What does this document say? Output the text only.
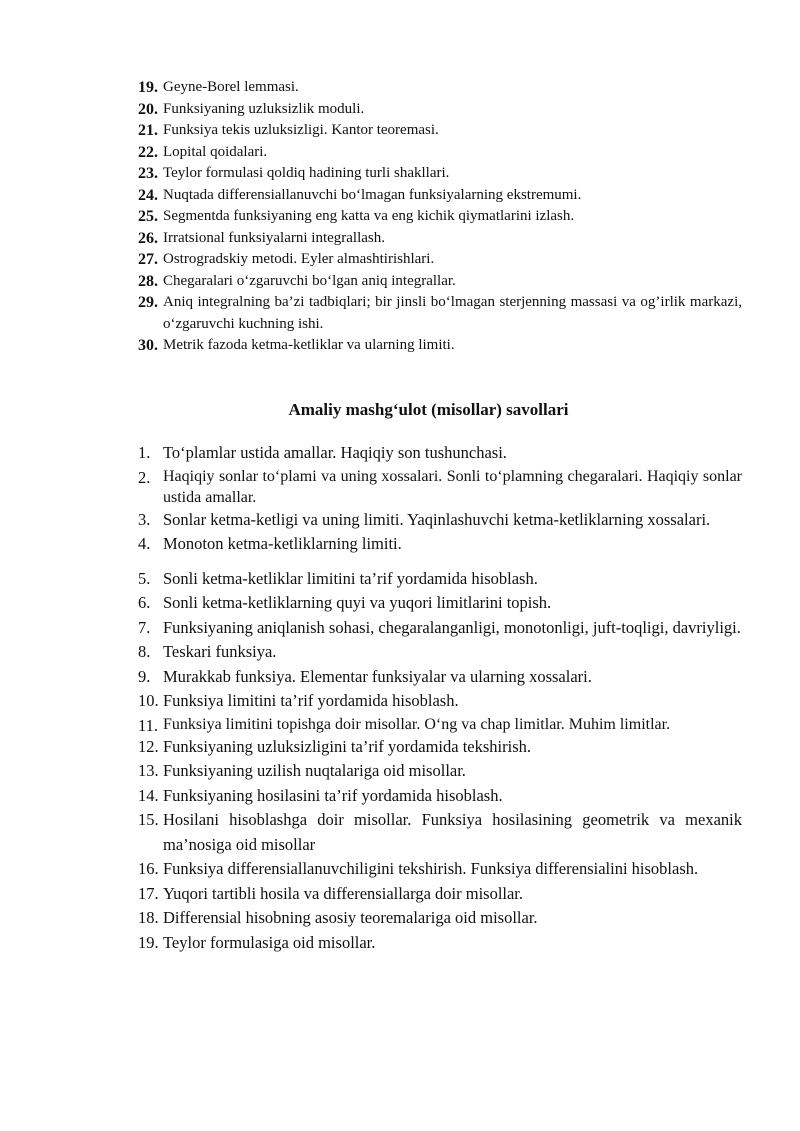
19. Geyne-Borel lemmasi.
20. Funksiyaning uzluksizlik moduli.
21. Funksiya tekis uzluksizligi. Kantor teoremasi.
22. Lopital qoidalari.
23. Teylor formulasi qoldiq hadining turli shakllari.
24. Nuqtada differensiallanuvchi bo‘lmagan funksiyalarning ekstremumi.
25. Segmentda funksiyaning eng katta va eng kichik qiymatlarini izlash.
26. Irratsional funksiyalarni integrallash.
27. Ostrogradskiy metodi. Eyler almashtirishlari.
28. Chegaralari o‘zgaruvchi bo‘lgan aniq integrallar.
29. Aniq integralning ba’zi tadbiqlari; bir jinsli bo‘lmagan sterjenning massasi va og’irlik markazi, o‘zgaruvchi kuchning ishi.
30. Metrik fazoda ketma-ketliklar va ularning limiti.
Amaliy mashg‘ulot (misollar) savollari
1. To‘plamlar ustida amallar. Haqiqiy son tushunchasi.
2. Haqiqiy sonlar to‘plami va uning xossalari. Sonli to‘plamning chegaralari. Haqiqiy sonlar ustida amallar.
3. Sonlar ketma-ketligi va uning limiti. Yaqinlashuvchi ketma-ketliklarning xossalari.
4. Monoton ketma-ketliklarning limiti.
5. Sonli ketma-ketliklar limitini ta’rif yordamida hisoblash.
6. Sonli ketma-ketliklarning quyi va yuqori limitlarini topish.
7. Funksiyaning aniqlanish sohasi, chegaralanganligi, monotonligi, juft-toqligi, davriyligi.
8. Teskari funksiya.
9. Murakkab funksiya. Elementar funksiyalar va ularning xossalari.
10. Funksiya limitini ta’rif yordamida hisoblash.
11. Funksiya limitini topishga doir misollar. O‘ng va chap limitlar. Muhim limitlar.
12. Funksiyaning uzluksizligini ta’rif yordamida tekshirish.
13. Funksiyaning uzilish nuqtalariga oid misollar.
14. Funksiyaning hosilasini ta’rif yordamida hisoblash.
15. Hosilani hisoblashga doir misollar. Funksiya hosilasining geometrik va mexanik ma’nosiga oid misollar
16. Funksiya differensiallanuvchiligini tekshirish. Funksiya differensialini hisoblash.
17. Yuqori tartibli hosila va differensiallarga doir misollar.
18. Differensial hisobning asosiy teoremalariga oid misollar.
19. Teylor formulasiga oid misollar.
